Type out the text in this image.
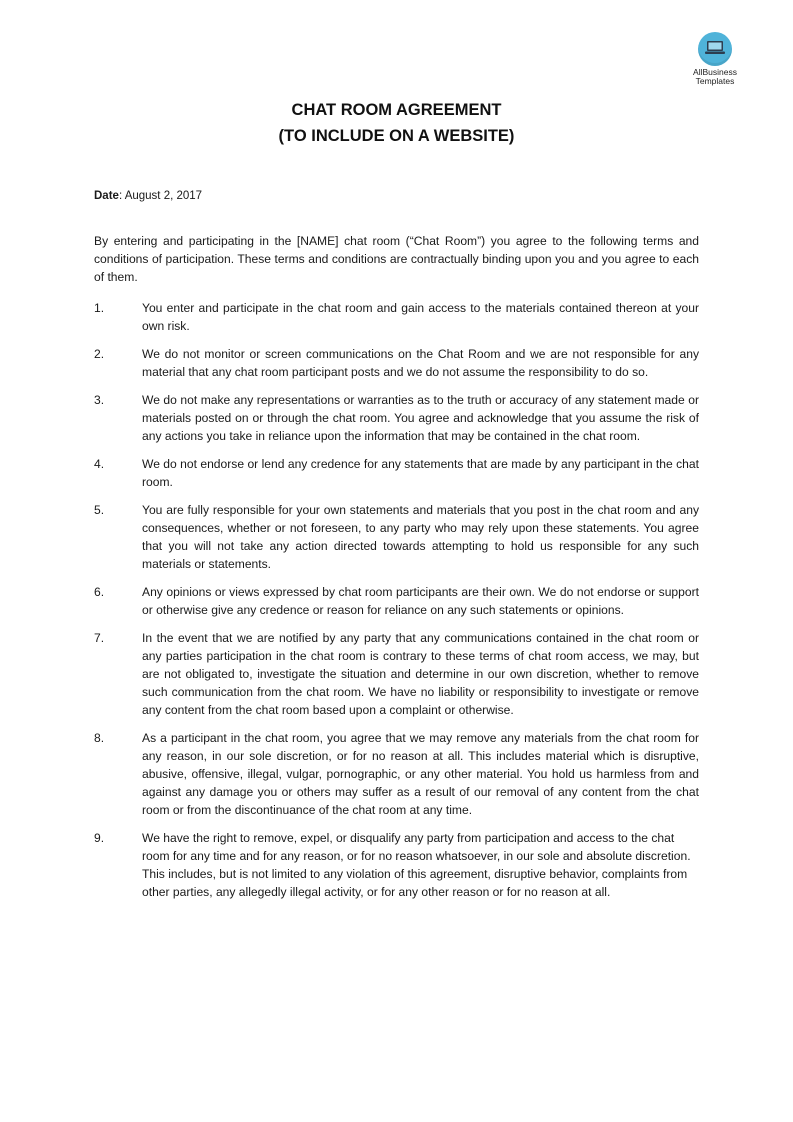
AllBusiness
Templates
CHAT ROOM AGREEMENT
(TO INCLUDE ON A WEBSITE)
Date: August 2, 2017
By entering and participating in the [NAME] chat room (“Chat Room”) you agree to the following terms and conditions of participation. These terms and conditions are contractually binding upon you and you agree to each of them.
1.	You enter and participate in the chat room and gain access to the materials contained thereon at your own risk.
2.	We do not monitor or screen communications on the Chat Room and we are not responsible for any material that any chat room participant posts and we do not assume the responsibility to do so.
3.	We do not make any representations or warranties as to the truth or accuracy of any statement made or materials posted on or through the chat room. You agree and acknowledge that you assume the risk of any actions you take in reliance upon the information that may be contained in the chat room.
4.	We do not endorse or lend any credence for any statements that are made by any participant in the chat room.
5.	You are fully responsible for your own statements and materials that you post in the chat room and any consequences, whether or not foreseen, to any party who may rely upon these statements. You agree that you will not take any action directed towards attempting to hold us responsible for any such materials or statements.
6.	Any opinions or views expressed by chat room participants are their own. We do not endorse or support or otherwise give any credence or reason for reliance on any such statements or opinions.
7.	In the event that we are notified by any party that any communications contained in the chat room or any parties participation in the chat room is contrary to these terms of chat room access, we may, but are not obligated to, investigate the situation and determine in our own discretion, whether to remove such communication from the chat room. We have no liability or responsibility to investigate or remove any content from the chat room based upon a complaint or otherwise.
8.	As a participant in the chat room, you agree that we may remove any materials from the chat room for any reason, in our sole discretion, or for no reason at all. This includes material which is disruptive, abusive, offensive, illegal, vulgar, pornographic, or any other material. You hold us harmless from and against any damage you or others may suffer as a result of our removal of any content from the chat room or from the discontinuance of the chat room at any time.
9.	We have the right to remove, expel, or disqualify any party from participation and access to the chat room for any time and for any reason, or for no reason whatsoever, in our sole and absolute discretion. This includes, but is not limited to any violation of this agreement, disruptive behavior, complaints from other parties, any allegedly illegal activity, or for any other reason or for no reason at all.
